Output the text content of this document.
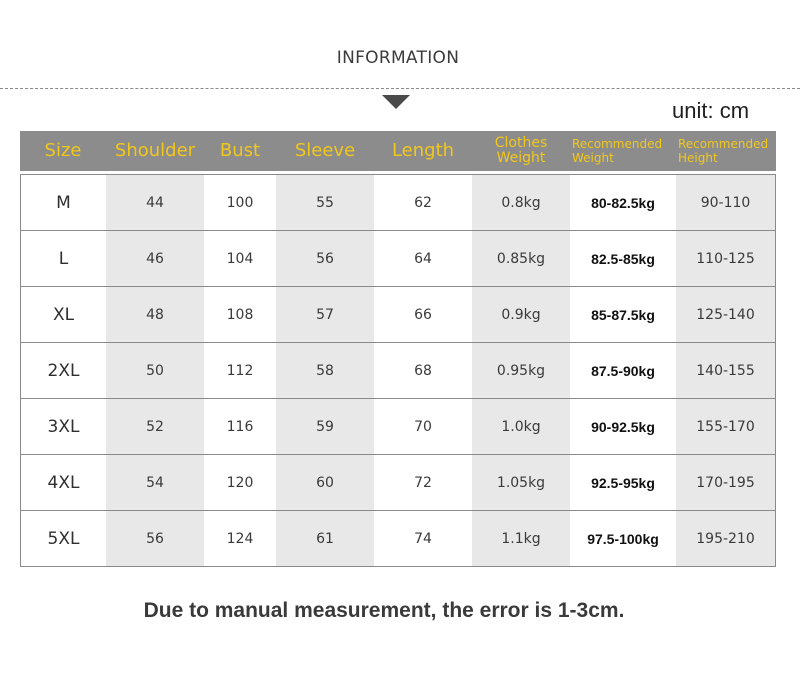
INFORMATION
unit: cm
Size	Shoulder	Bust	Sleeve	Length	Clothes Weight	Recommended Weight	Recommended Height
M	44	100	55	62	0.8kg	80-82.5kg	90-110
L	46	104	56	64	0.85kg	82.5-85kg	110-125
XL	48	108	57	66	0.9kg	85-87.5kg	125-140
2XL	50	112	58	68	0.95kg	87.5-90kg	140-155
3XL	52	116	59	70	1.0kg	90-92.5kg	155-170
4XL	54	120	60	72	1.05kg	92.5-95kg	170-195
5XL	56	124	61	74	1.1kg	97.5-100kg	195-210
Due to manual measurement, the error is 1-3cm.
